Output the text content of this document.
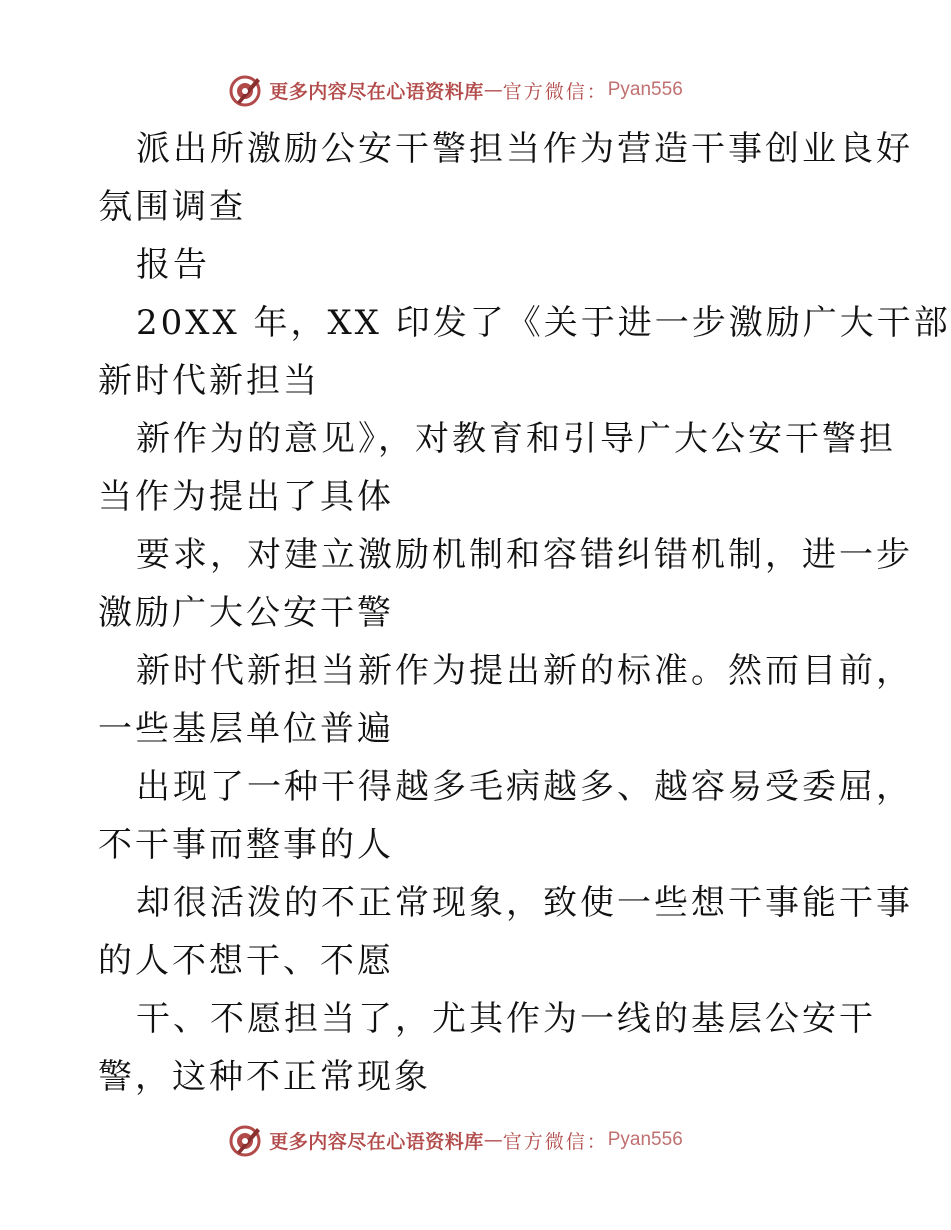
更多内容尽在心语资料库 — 官方微信： Pyan556
派出所激励公安干警担当作为营造干事创业良好
氛围调查
报告
20XX 年，XX 印发了《关于进一步激励广大干部
新时代新担当
新作为的意见》，对教育和引导广大公安干警担
当作为提出了具体
要求，对建立激励机制和容错纠错机制，进一步
激励广大公安干警
新时代新担当新作为提出新的标准。然而目前，
一些基层单位普遍
出现了一种干得越多毛病越多、越容易受委屈，
不干事而整事的人
却很活泼的不正常现象，致使一些想干事能干事
的人不想干、不愿
干、不愿担当了，尤其作为一线的基层公安干
警，这种不正常现象
更多内容尽在心语资料库 — 官方微信： Pyan556
